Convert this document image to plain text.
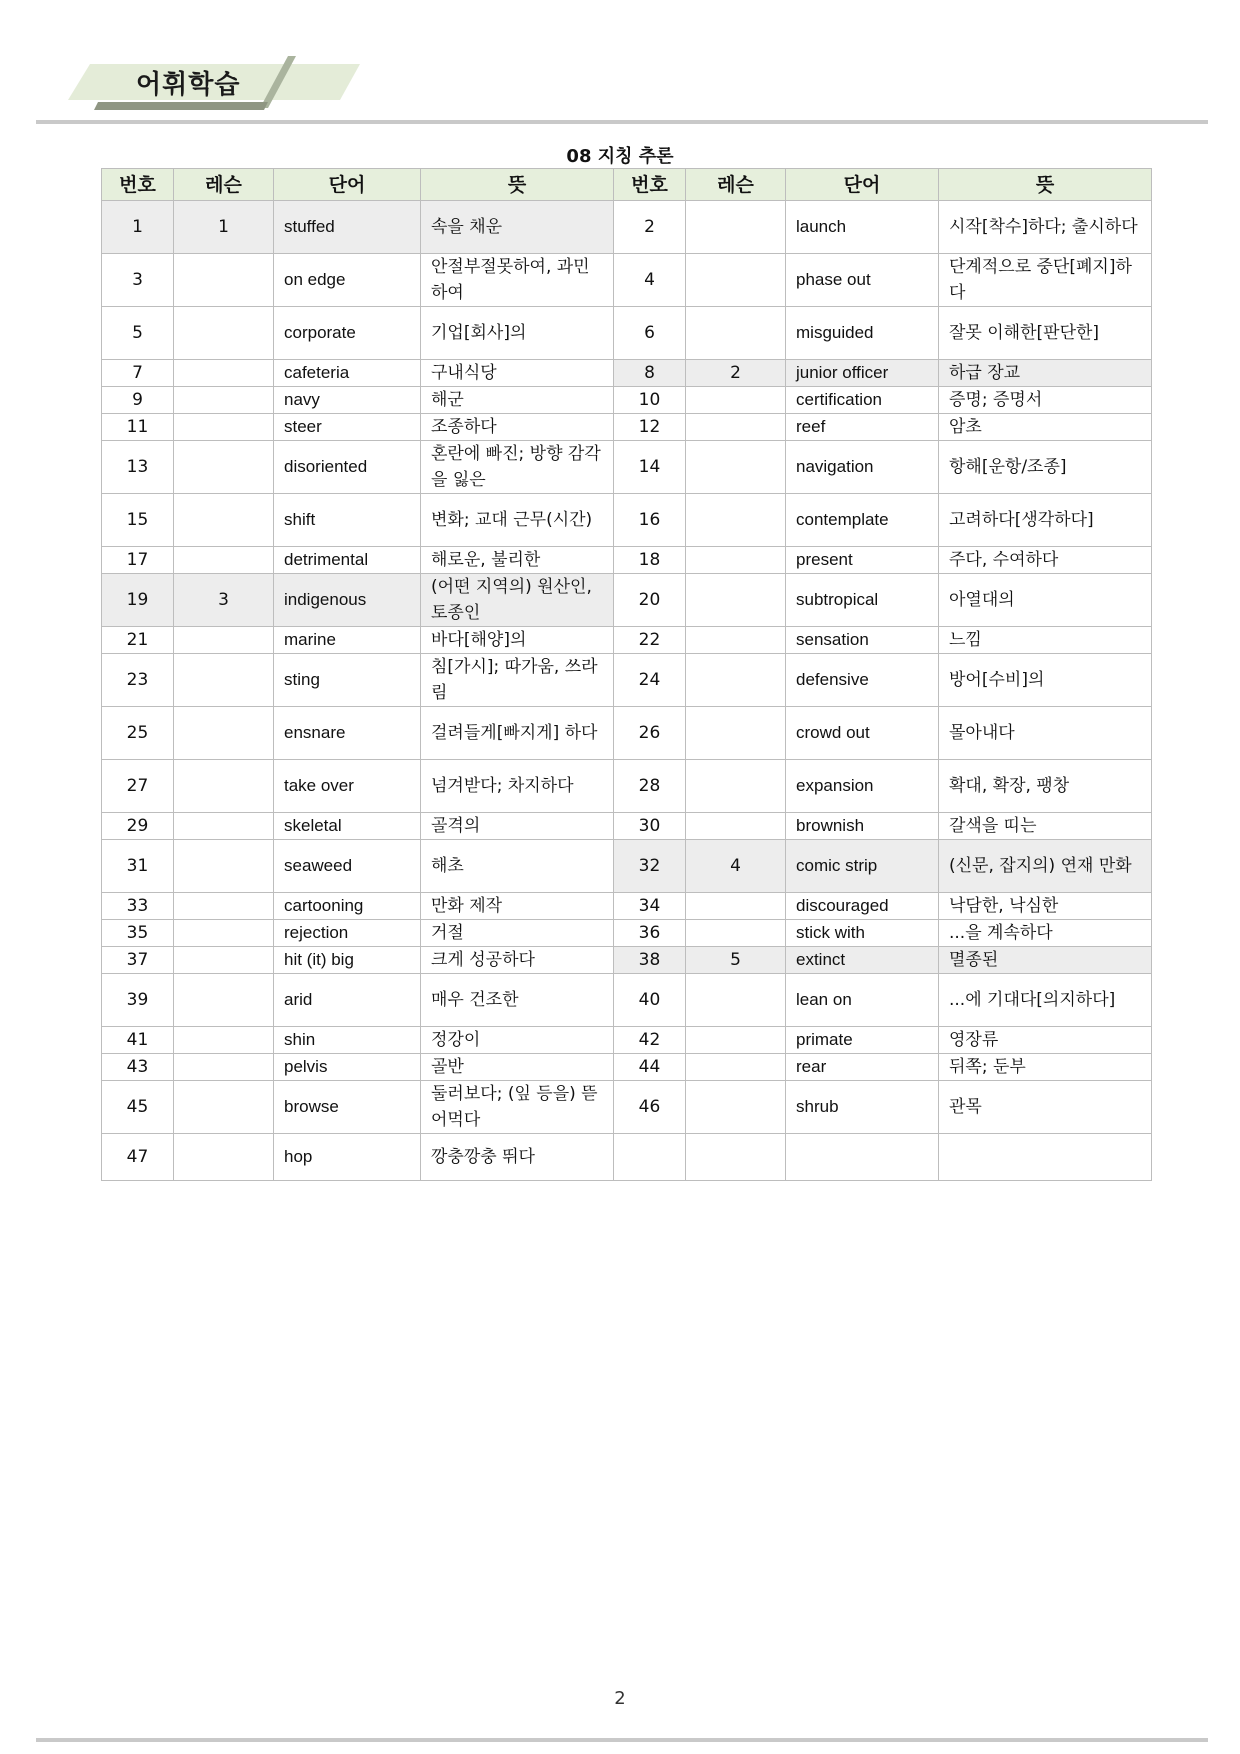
어휘학습
08 지칭 추론
번호	레슨	단어	뜻	번호	레슨	단어	뜻
1	1	stuffed	속을 채운	2		launch	시작[착수]하다; 출시하다
3		on edge	안절부절못하여, 과민하여	4		phase out	단계적으로 중단[폐지]하다
5		corporate	기업[회사]의	6		misguided	잘못 이해한[판단한]
7		cafeteria	구내식당	8	2	junior officer	하급 장교
9		navy	해군	10		certification	증명; 증명서
11		steer	조종하다	12		reef	암초
13		disoriented	혼란에 빠진; 방향 감각을 잃은	14		navigation	항해[운항/조종]
15		shift	변화; 교대 근무(시간)	16		contemplate	고려하다[생각하다]
17		detrimental	해로운, 불리한	18		present	주다, 수여하다
19	3	indigenous	(어떤 지역의) 원산인, 토종인	20		subtropical	아열대의
21		marine	바다[해양]의	22		sensation	느낌
23		sting	침[가시]; 따가움, 쓰라림	24		defensive	방어[수비]의
25		ensnare	걸려들게[빠지게] 하다	26		crowd out	몰아내다
27		take over	넘겨받다; 차지하다	28		expansion	확대, 확장, 팽창
29		skeletal	골격의	30		brownish	갈색을 띠는
31		seaweed	해초	32	4	comic strip	(신문, 잡지의) 연재 만화
33		cartooning	만화 제작	34		discouraged	낙담한, 낙심한
35		rejection	거절	36		stick with	...을 계속하다
37		hit (it) big	크게 성공하다	38	5	extinct	멸종된
39		arid	매우 건조한	40		lean on	...에 기대다[의지하다]
41		shin	정강이	42		primate	영장류
43		pelvis	골반	44		rear	뒤쪽; 둔부
45		browse	둘러보다; (잎 등을) 뜯어먹다	46		shrub	관목
47		hop	깡충깡충 뛰다				
2
